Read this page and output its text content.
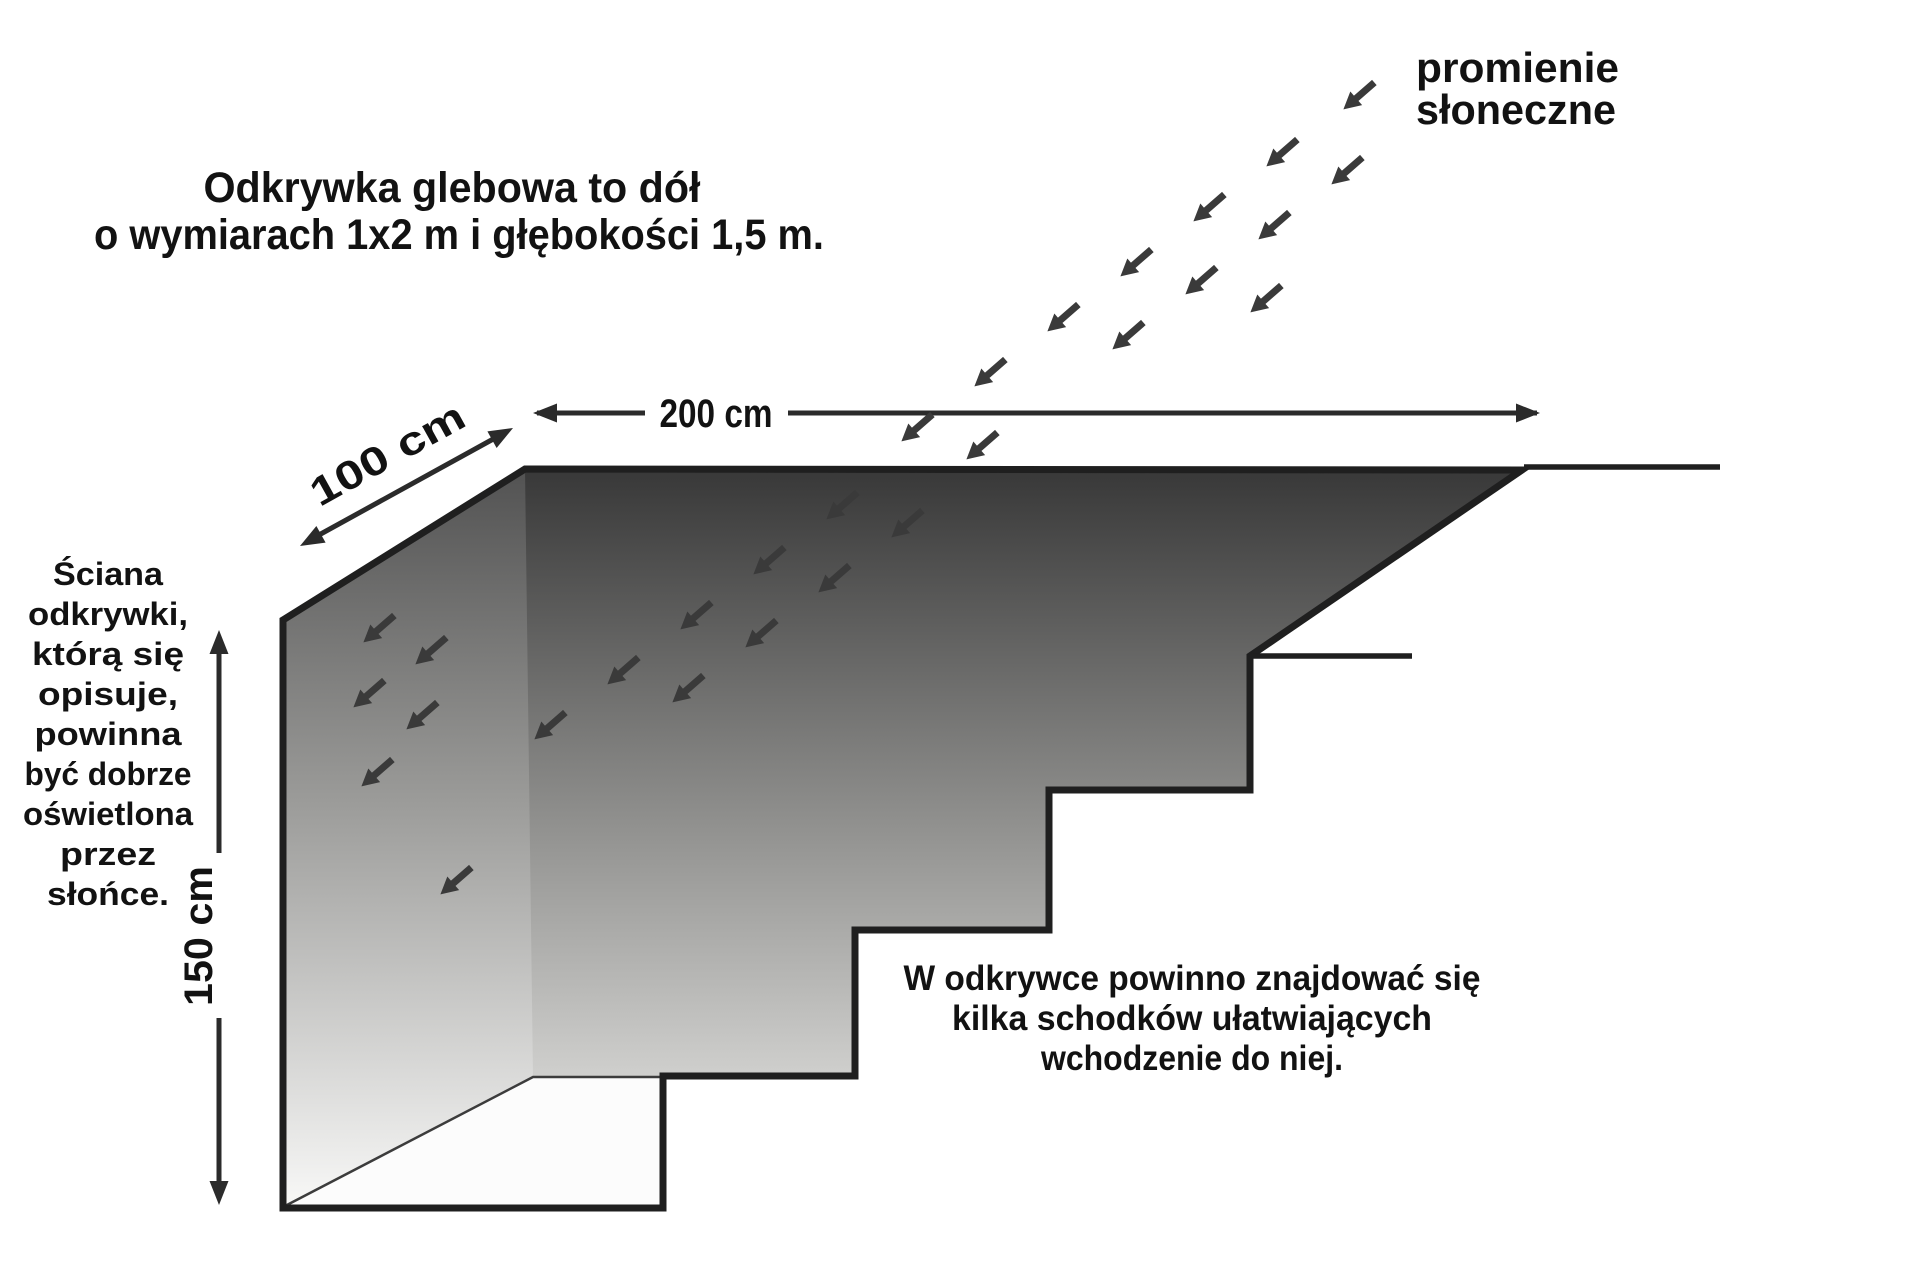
200 cm
100 cm
150 cm
Odkrywka glebowa to dół
o wymiarach 1x2 m i głębokości 1,5 m.
promienie
słoneczne
Ściana
odkrywki,
którą się
opisuje,
powinna
być dobrze
oświetlona
przez
słońce.
W odkrywce powinno znajdować się
kilka schodków ułatwiających
wchodzenie do niej.
